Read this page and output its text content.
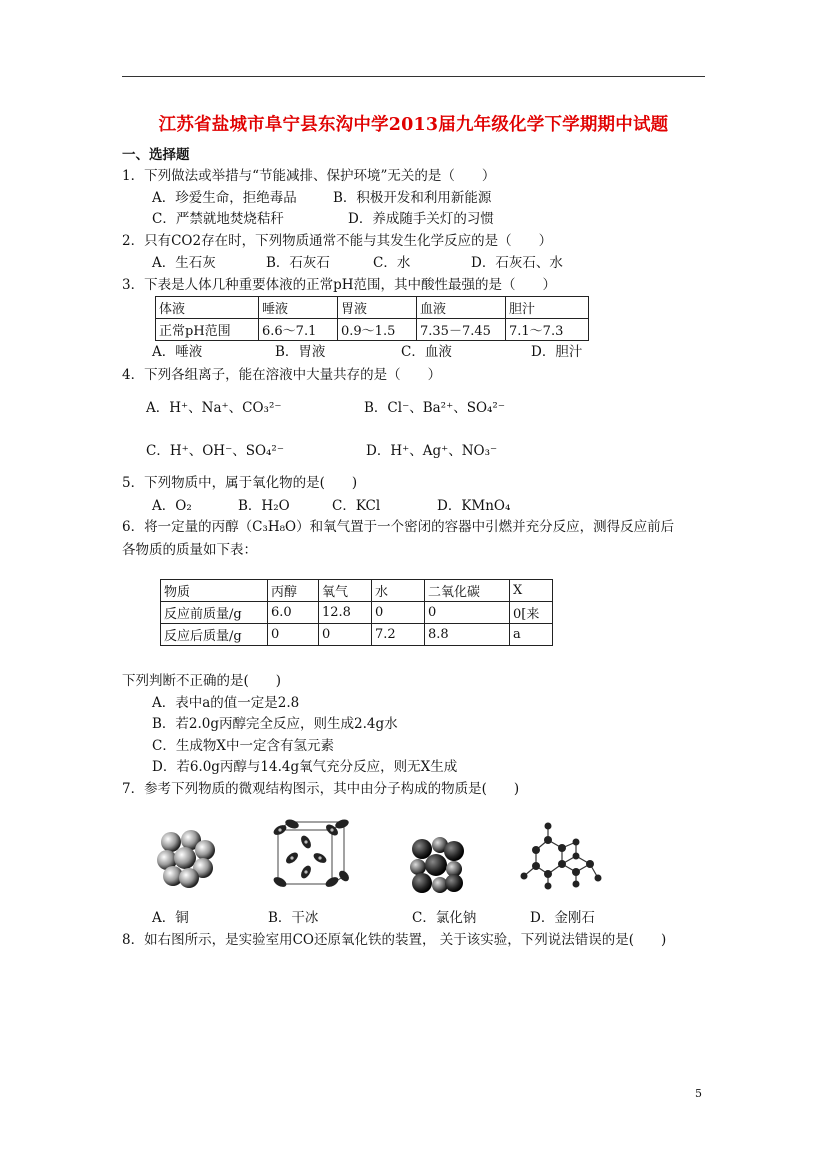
江苏省盐城市阜宁县东沟中学2013届九年级化学下学期期中试题
一、选择题
1．下列做法或举措与“节能减排、保护环境”无关的是（　　）
A．珍爱生命，拒绝毒品	B．积极开发和利用新能源
C．严禁就地焚烧秸秆	D．养成随手关灯的习惯
2．只有CO2存在时，下列物质通常不能与其发生化学反应的是（　　）
A．生石灰	B．石灰石	C．水	D．石灰石、水
3．下表是人体几种重要体液的正常pH范围，其中酸性最强的是（　　）
体液	唾液	胃液	血液	胆汁
正常pH范围	6.6～7.1	0.9～1.5	7.35－7.45	7.1～7.3
A．唾液	B．胃液	C．血液	D．胆汁
4．下列各组离子，能在溶液中大量共存的是（　　）
A．H⁺、Na⁺、CO₃²⁻	B．Cl⁻、Ba²⁺、SO₄²⁻
C．H⁺、OH⁻、SO₄²⁻	D．H⁺、Ag⁺、NO₃⁻
5．下列物质中，属于氧化物的是(　　)
A．O₂	B．H₂O	C．KCl	D．KMnO₄
6．将一定量的丙醇（C₃H₈O）和氧气置于一个密闭的容器中引燃并充分反应，测得反应前后
各物质的质量如下表：
物质	丙醇	氧气	水	二氧化碳	X
反应前质量/g	6.0	12.8	0	0	0[来
反应后质量/g	0	0	7.2	8.8	a
下列判断不正确的是(　　)
A．表中a的值一定是2.8
B．若2.0g丙醇完全反应，则生成2.4g水
C．生成物X中一定含有氢元素
D．若6.0g丙醇与14.4g氧气充分反应，则无X生成
7．参考下列物质的微观结构图示，其中由分子构成的物质是(　　)
A．铜	B．干冰	C．氯化钠	D．金刚石
8．如右图所示，是实验室用CO还原氧化铁的装置， 关于该实验，下列说法错误的是(　　)
5
